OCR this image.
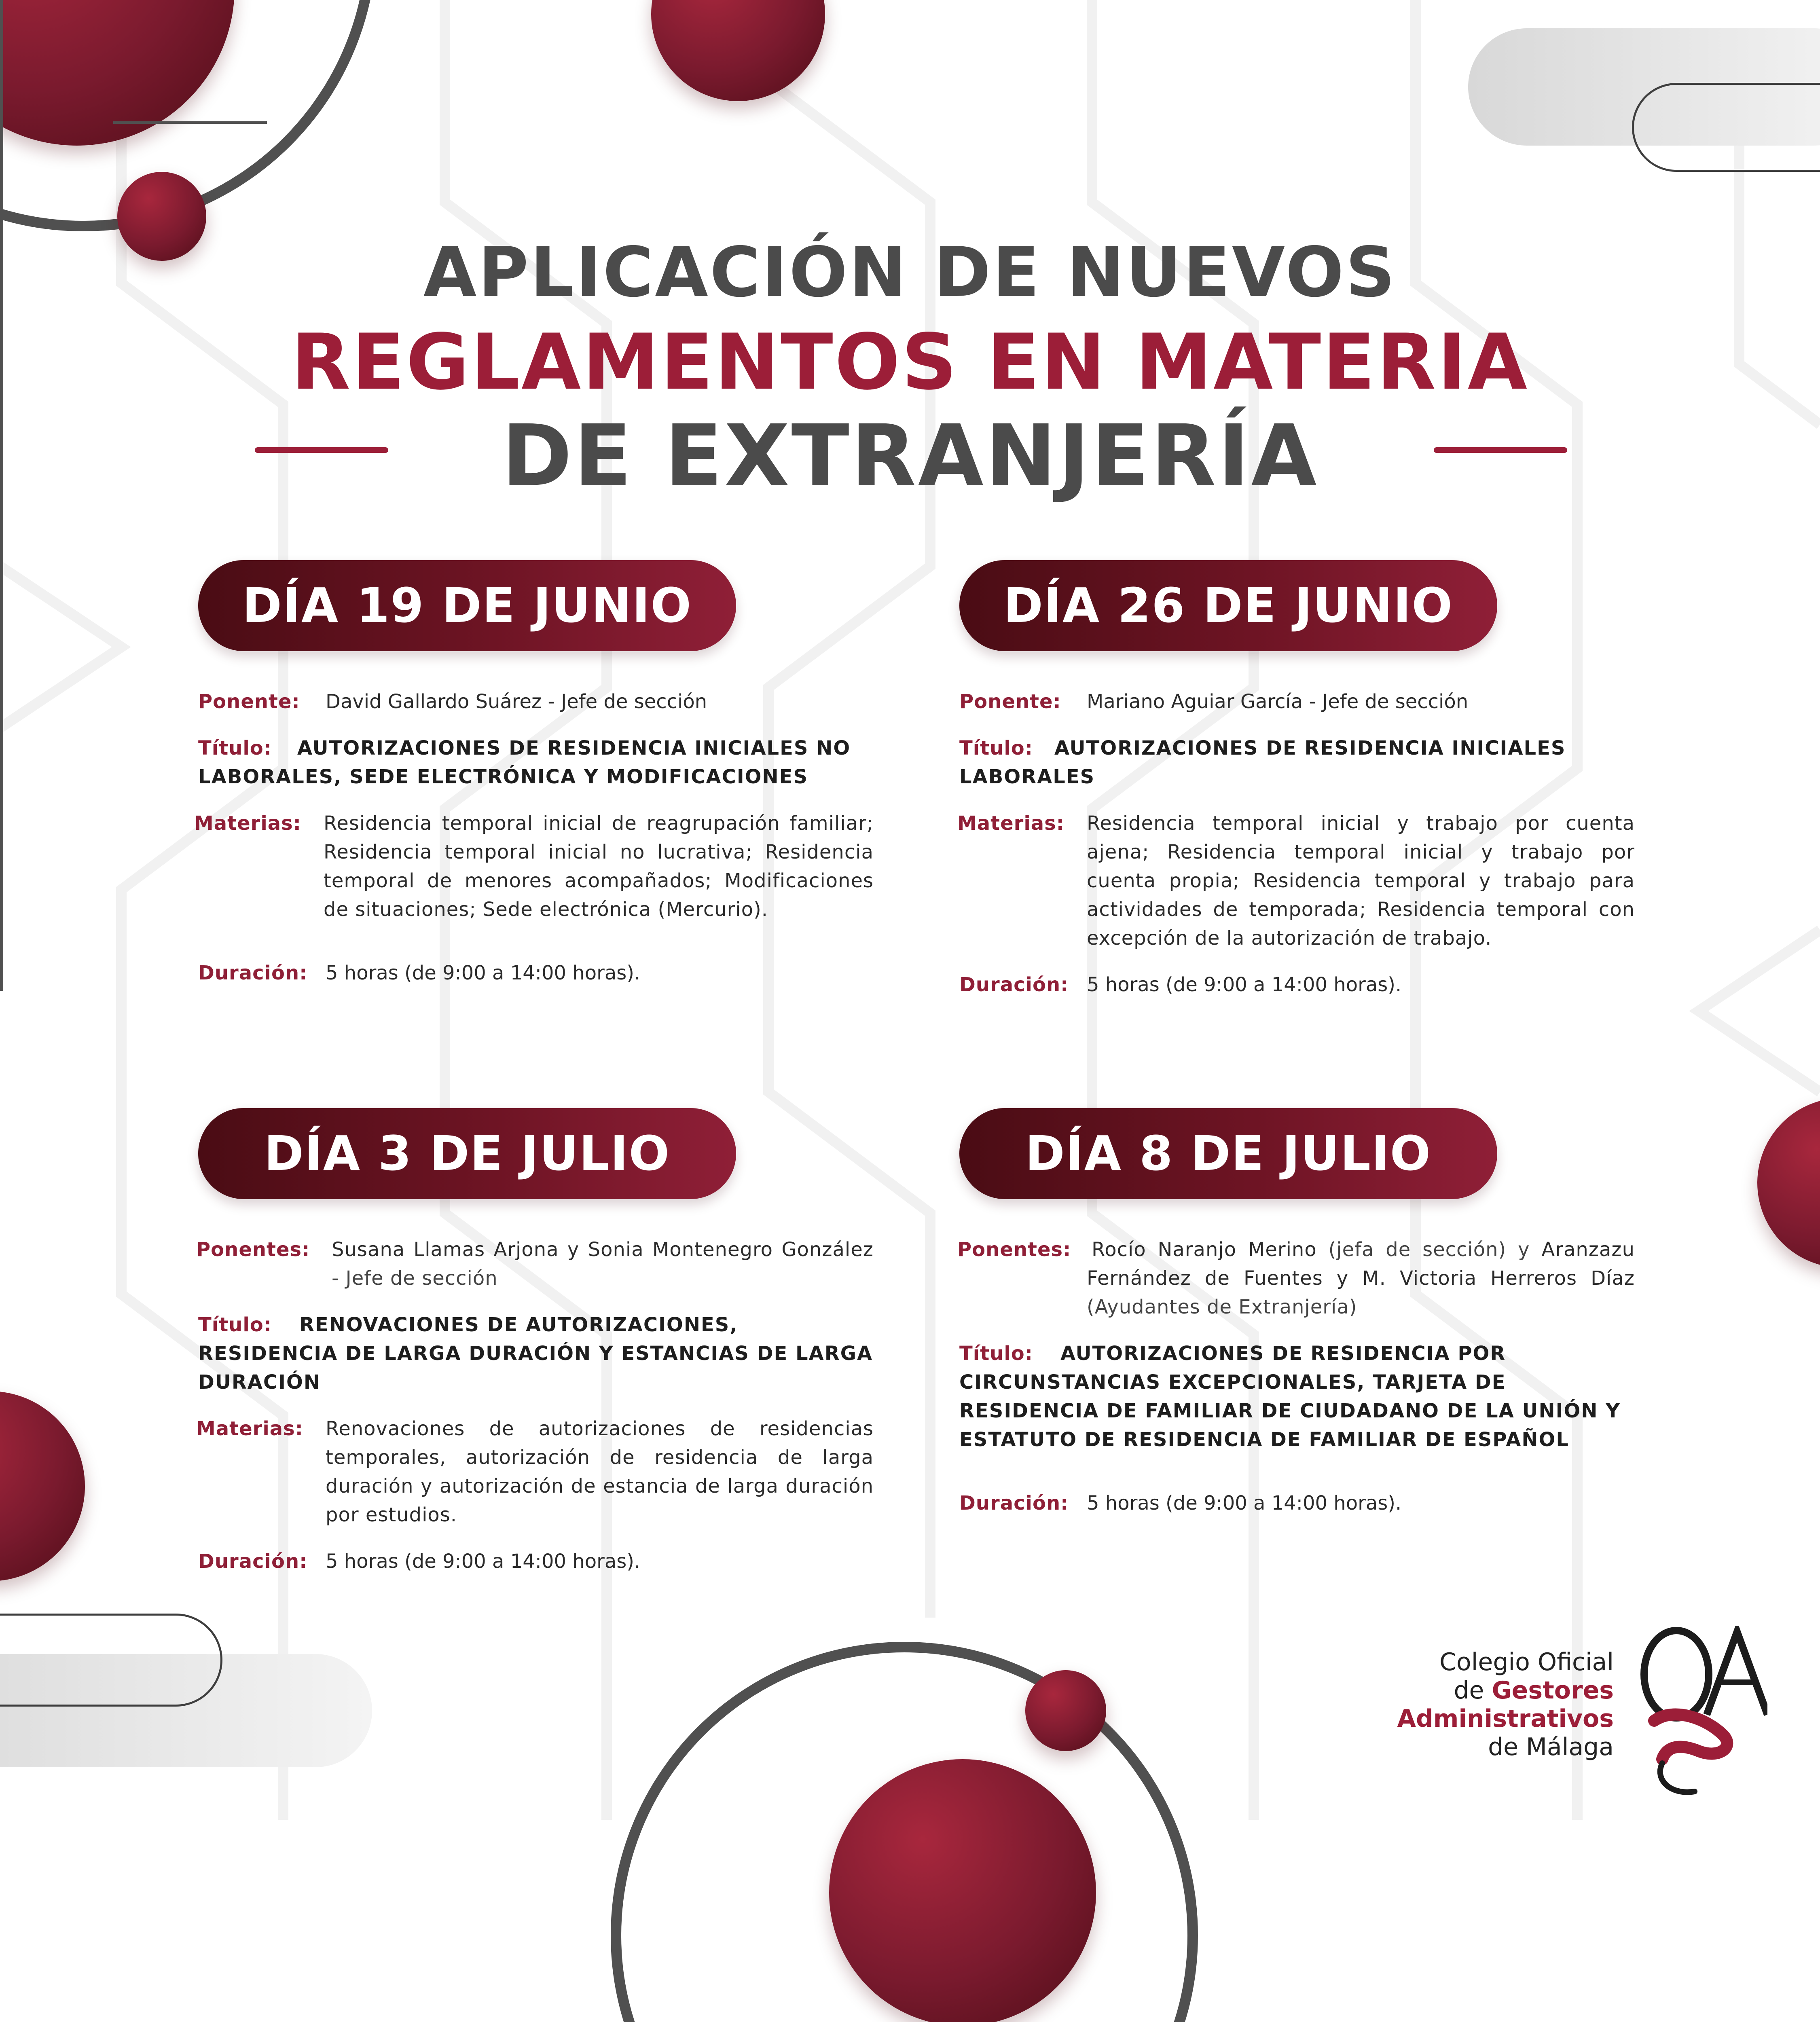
APLICACIÓN DE NUEVOS
REGLAMENTOS EN MATERIA
DE EXTRANJERÍA
DÍA 19 DE JUNIO
Ponente: David Gallardo Suárez - Jefe de sección
Título: AUTORIZACIONES DE RESIDENCIA INICIALES NO LABORALES, SEDE ELECTRÓNICA Y MODIFICACIONES
Materias: Residencia temporal inicial de reagrupación familiar; Residencia temporal inicial no lucrativa; Residencia temporal de menores acompañados; Modificaciones de situaciones; Sede electrónica (Mercurio).
Duración: 5 horas (de 9:00 a 14:00 horas).
DÍA 26 DE JUNIO
Ponente: Mariano Aguiar García - Jefe de sección
Título: AUTORIZACIONES DE RESIDENCIA INICIALES LABORALES
Materias: Residencia temporal inicial y trabajo por cuenta ajena; Residencia temporal inicial y trabajo por cuenta propia; Residencia temporal y trabajo para actividades de temporada; Residencia temporal con excepción de la autorización de trabajo.
Duración: 5 horas (de 9:00 a 14:00 horas).
DÍA 3 DE JULIO
Ponentes: Susana Llamas Arjona y Sonia Montenegro González - Jefe de sección
Título: RENOVACIONES DE AUTORIZACIONES, RESIDENCIA DE LARGA DURACIÓN Y ESTANCIAS DE LARGA DURACIÓN
Materias: Renovaciones de autorizaciones de residencias temporales, autorización de residencia de larga duración y autorización de estancia de larga duración por estudios.
Duración: 5 horas (de 9:00 a 14:00 horas).
DÍA 8 DE JULIO
Ponentes: Rocío Naranjo Merino (jefa de sección) y Aranzazu Fernández de Fuentes y M. Victoria Herreros Díaz (Ayudantes de Extranjería)
Título: AUTORIZACIONES DE RESIDENCIA POR CIRCUNSTANCIAS EXCEPCIONALES, TARJETA DE RESIDENCIA DE FAMILIAR DE CIUDADANO DE LA UNIÓN Y ESTATUTO DE RESIDENCIA DE FAMILIAR DE ESPAÑOL
Duración: 5 horas (de 9:00 a 14:00 horas).
Colegio Oficial
de Gestores
Administrativos
de Málaga
